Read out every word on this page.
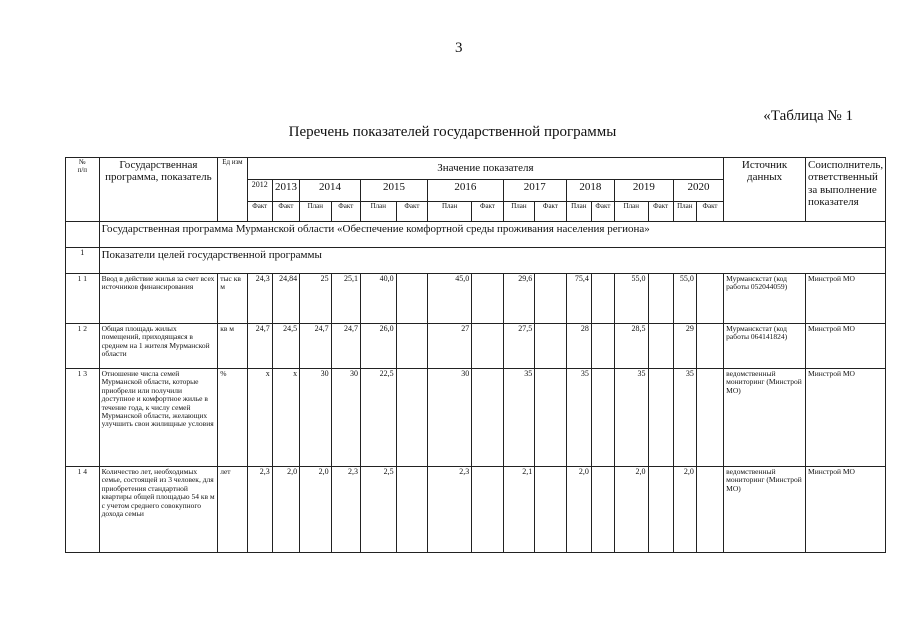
3
«Таблица № 1
Перечень показателей государственной программы
№
п/п	Государственная программа, показатель	Ед изм	Значение показателя																Источник данных	Соисполнитель, ответственный за выполнение показателя
			2012	2013	2014		2015		2016		2017		2018		2019		2020			
			Факт	Факт	План	Факт	План	Факт	План	Факт	План	Факт	План	Факт	План	Факт	План	Факт		
	Государственная программа Мурманской области «Обеспечение комфортной среды проживания населения региона»																			
1	Показатели целей государственной программы																			
1 1	Ввод в действие жилья за счет всех источников финансирования	тыс кв м	24,3	24,84	25	25,1	40,0		45,0		29,6		75,4		55,0		55,0		Мурманскстат (код работы 052044059)	Минстрой МО
1 2	Общая площадь жилых помещений, приходящаяся в среднем на 1 жителя Мурманской области	кв м	24,7	24,5	24,7	24,7	26,0		27		27,5		28		28,5		29		Мурманскстат (код работы 064141824)	Минстрой МО
1 3	Отношение числа семей Мурманской области, которые приобрели или получили доступное и комфортное жилье в течение года, к числу семей Мурманской области, желающих улучшить свои жилищные условия	%	х	х	30	30	22,5		30		35		35		35		35		ведомственный мониторинг (Минстрой МО)	Минстрой МО
1 4	Количество лет, необходимых семье, состоящей из 3 человек, для приобретения стандартной квартиры общей площадью 54 кв м с учетом среднего совокупного дохода семьи	лет	2,3	2,0	2,0	2,3	2,5		2,3		2,1		2,0		2,0		2,0		ведомственный мониторинг (Минстрой МО)	Минстрой МО
